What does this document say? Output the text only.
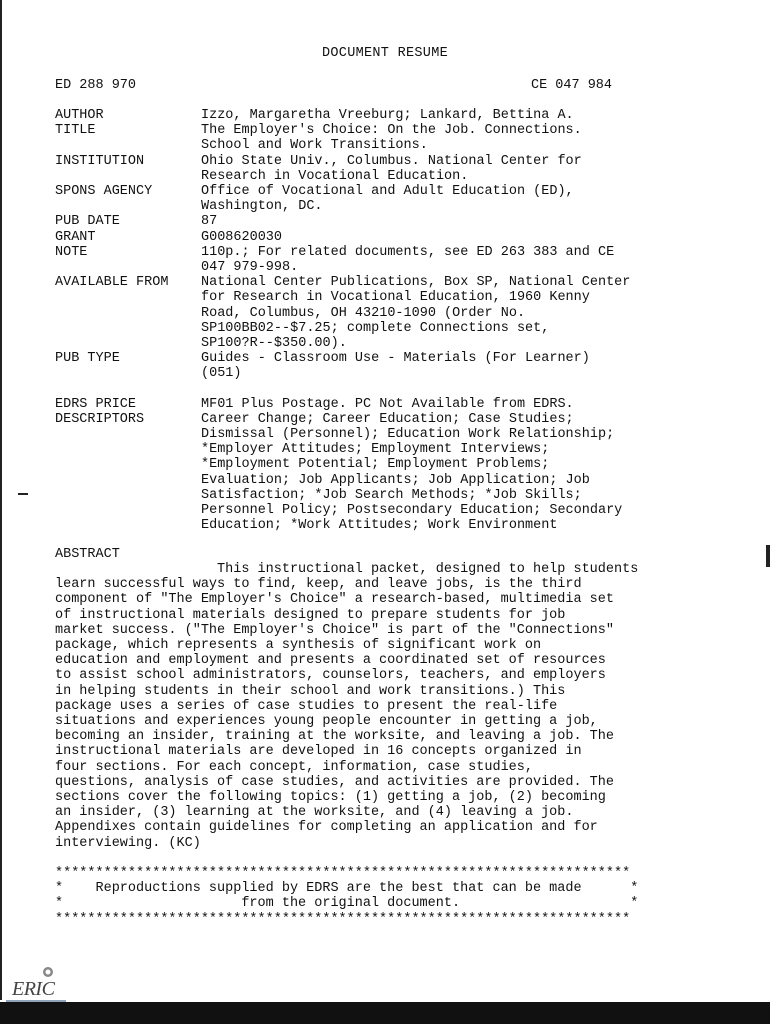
DOCUMENT RESUME
ED 288 970	CE 047 984
AUTHOR	Izzo, Margaretha Vreeburg; Lankard, Bettina A.
TITLE	The Employer's Choice: On the Job. Connections.
School and Work Transitions.
INSTITUTION	Ohio State Univ., Columbus. National Center for
Research in Vocational Education.
SPONS AGENCY	Office of Vocational and Adult Education (ED),
Washington, DC.
PUB DATE	87
GRANT	G008620030
NOTE	110p.; For related documents, see ED 263 383 and CE
047 979-998.
AVAILABLE FROM	National Center Publications, Box SP, National Center
for Research in Vocational Education, 1960 Kenny
Road, Columbus, OH 43210-1090 (Order No.
SP100BB02--$7.25; complete Connections set,
SP100?R--$350.00).
PUB TYPE	Guides - Classroom Use - Materials (For Learner)
(051)
EDRS PRICE	MF01 Plus Postage. PC Not Available from EDRS.
DESCRIPTORS	Career Change; Career Education; Case Studies;
Dismissal (Personnel); Education Work Relationship;
*Employer Attitudes; Employment Interviews;
*Employment Potential; Employment Problems;
Evaluation; Job Applicants; Job Application; Job
Satisfaction; *Job Search Methods; *Job Skills;
Personnel Policy; Postsecondary Education; Secondary
Education; *Work Attitudes; Work Environment
ABSTRACT
This instructional packet, designed to help students
learn successful ways to find, keep, and leave jobs, is the third
component of "The Employer's Choice" a research-based, multimedia set
of instructional materials designed to prepare students for job
market success. ("The Employer's Choice" is part of the "Connections"
package, which represents a synthesis of significant work on
education and employment and presents a coordinated set of resources
to assist school administrators, counselors, teachers, and employers
in helping students in their school and work transitions.) This
package uses a series of case studies to present the real-life
situations and experiences young people encounter in getting a job,
becoming an insider, training at the worksite, and leaving a job. The
instructional materials are developed in 16 concepts organized in
four sections. For each concept, information, case studies,
questions, analysis of case studies, and activities are provided. The
sections cover the following topics: (1) getting a job, (2) becoming
an insider, (3) learning at the worksite, and (4) leaving a job.
Appendixes contain guidelines for completing an application and for
interviewing. (KC)
***********************************************************************
*    Reproductions supplied by EDRS are the best that can be made      *
*                      from the original document.                     *
***********************************************************************
ERIC
